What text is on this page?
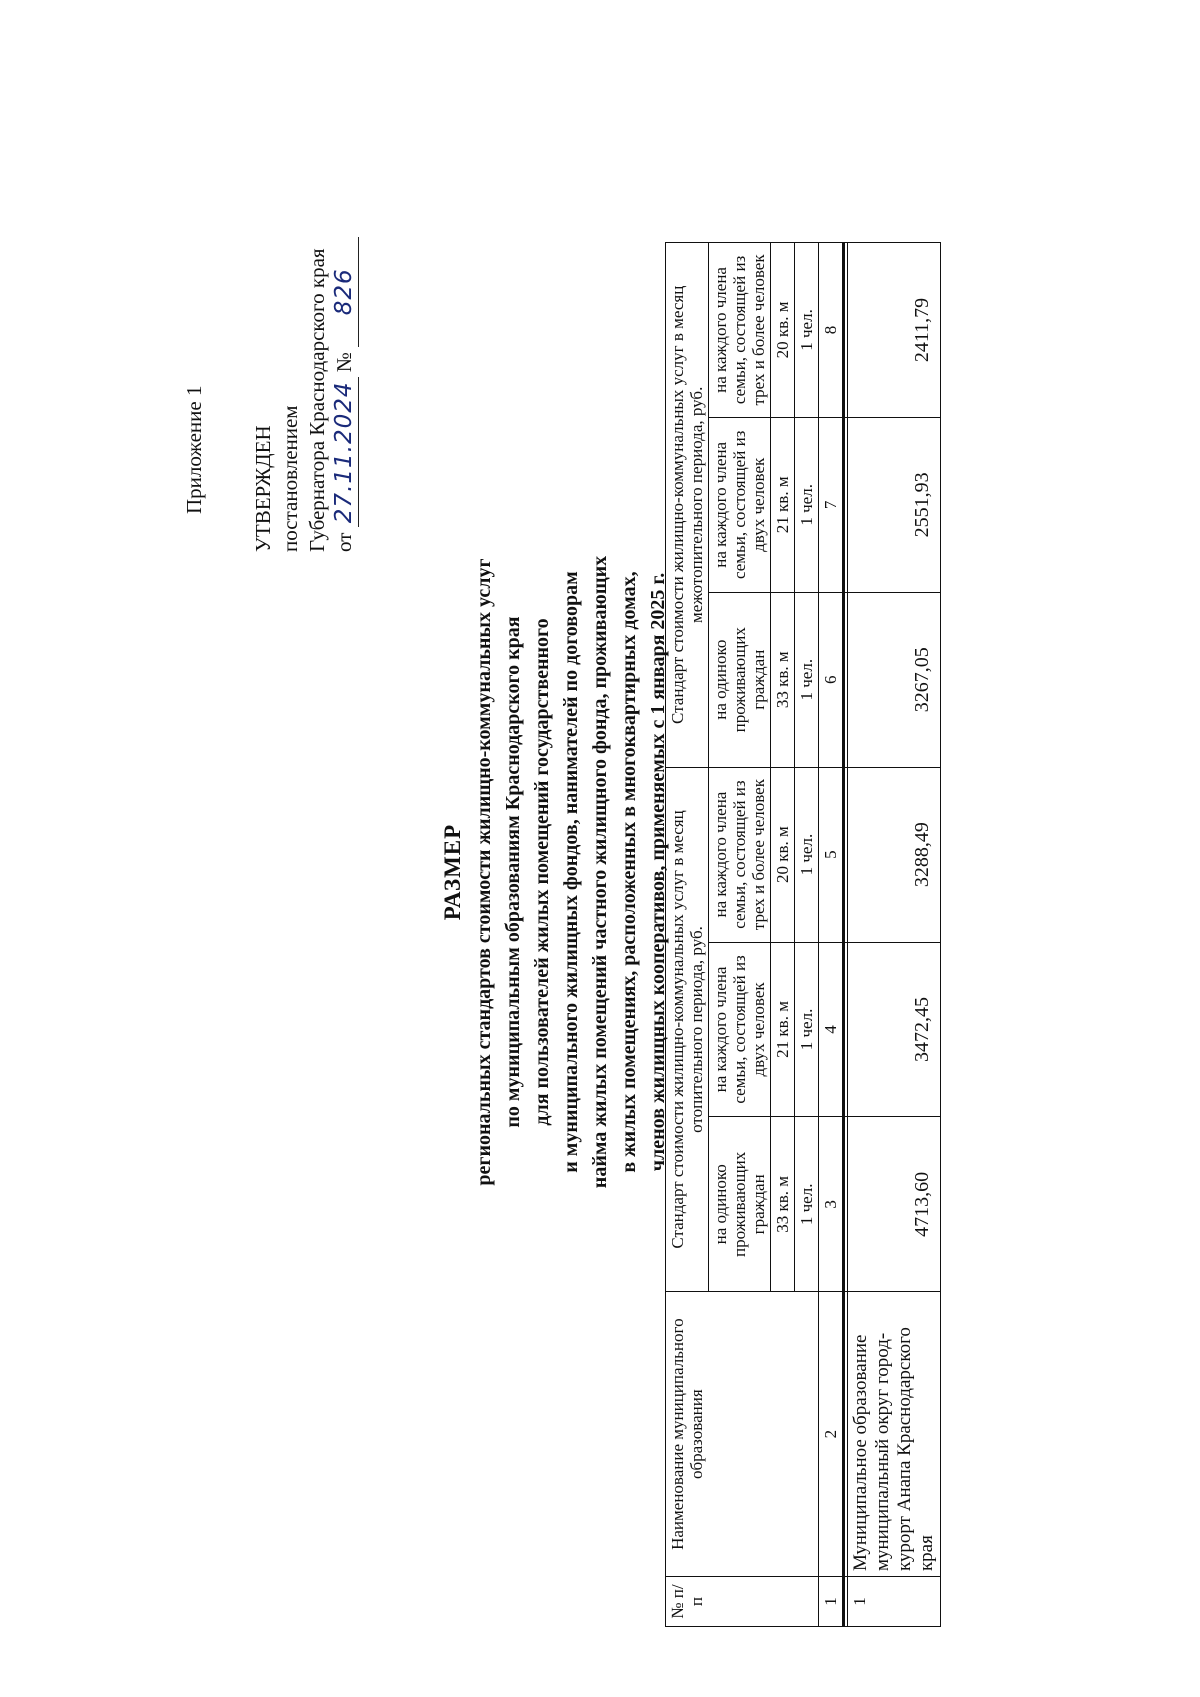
Приложение 1 УТВЕРЖДЕН постановлением Губернатора Краснодарского края от 27.11.2024 № 826
РАЗМЕР региональных стандартов стоимости жилищно-коммунальных услуг по муниципальным образованиям Краснодарского края для пользователей жилых помещений государственного и муниципального жилищных фондов, нанимателей по договорам найма жилых помещений частного жилищного фонда, проживающих в жилых помещениях, расположенных в многоквартирных домах, членов жилищных кооперативов, применяемых с 1 января 2025 г.
№ п/п	Наименование муниципального образования	Стандарт стоимости жилищно-коммунальных услуг в месяц отопительного периода, руб.			Стандарт стоимости жилищно-коммунальных услуг в месяц межотопительного периода, руб.		
		на одиноко проживающих граждан	на каждого члена семьи, состоящей из двух человек	на каждого члена семьи, состоящей из трех и более человек	на одиноко проживающих граждан	на каждого члена семьи, состоящей из двух человек	на каждого члена семьи, состоящей из трех и более человек
		33 кв. м	21 кв. м	20 кв. м	33 кв. м	21 кв. м	20 кв. м
		1 чел.	1 чел.	1 чел.	1 чел.	1 чел.	1 чел.
1	2	3	4	5	6	7	8

1	Муниципальное образование муниципальный округ город-курорт Анапа Краснодарского края	4713,60	3472,45	3288,49	3267,05	2551,93	2411,79
